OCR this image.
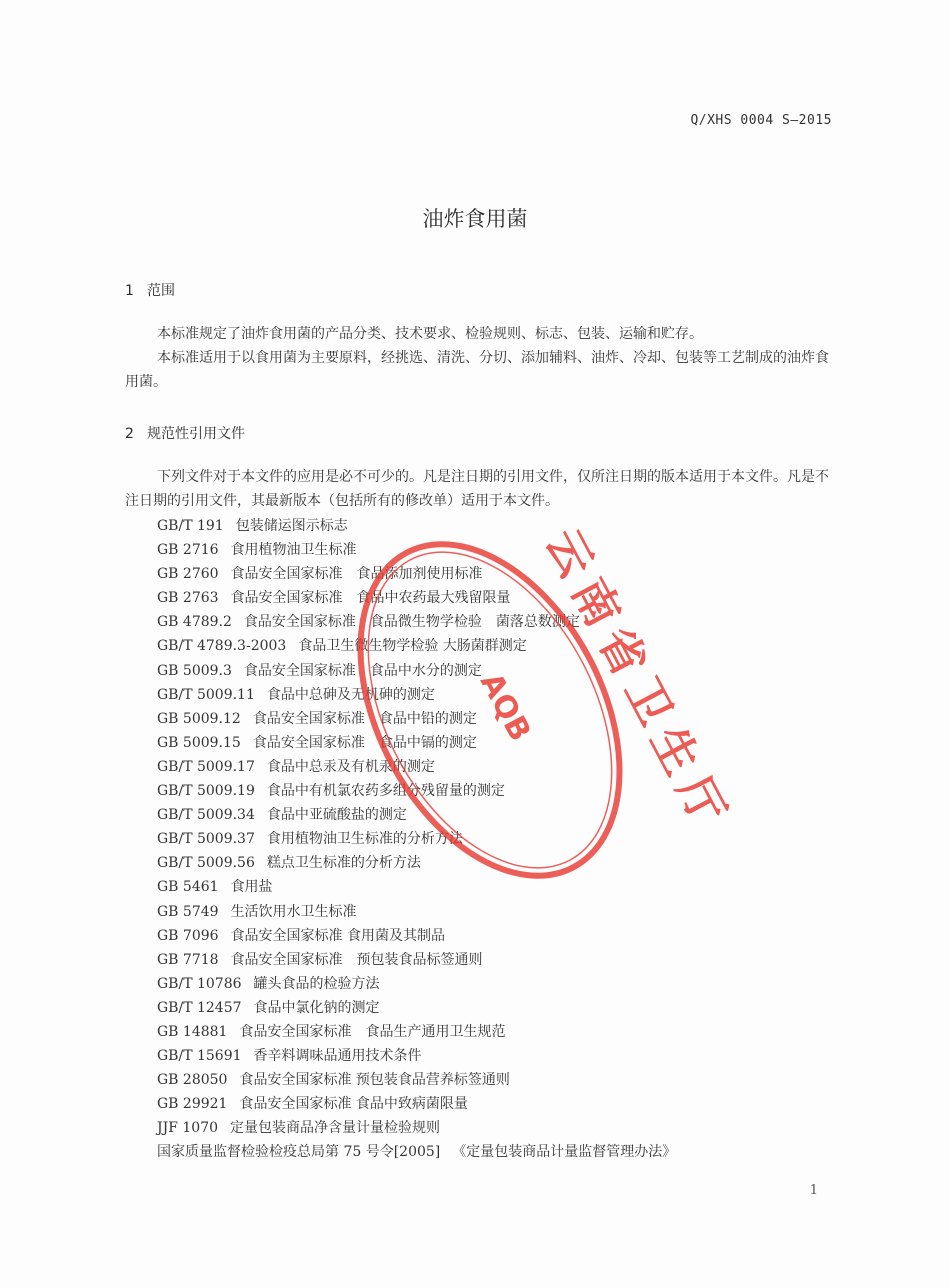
Q/XHS 0004 S—2015
油炸食用菌
1 范围
本标准规定了油炸食用菌的产品分类、技术要求、检验规则、标志、包装、运输和贮存。
本标准适用于以食用菌为主要原料，经挑选、清洗、分切、添加辅料、油炸、冷却、包装等工艺制成的油炸食用菌。
2 规范性引用文件
下列文件对于本文件的应用是必不可少的。凡是注日期的引用文件，仅所注日期的版本适用于本文件。凡是不注日期的引用文件，其最新版本（包括所有的修改单）适用于本文件。
GB/T 191 包装储运图示标志
GB 2716 食用植物油卫生标准
GB 2760 食品安全国家标准　食品添加剂使用标准
GB 2763 食品安全国家标准　食品中农药最大残留限量
GB 4789.2 食品安全国家标准　食品微生物学检验　菌落总数测定
GB/T 4789.3-2003 食品卫生微生物学检验 大肠菌群测定
GB 5009.3 食品安全国家标准　食品中水分的测定
GB/T 5009.11 食品中总砷及无机砷的测定
GB 5009.12 食品安全国家标准　食品中铅的测定
GB 5009.15 食品安全国家标准　食品中镉的测定
GB/T 5009.17 食品中总汞及有机汞的测定
GB/T 5009.19 食品中有机氯农药多组分残留量的测定
GB/T 5009.34 食品中亚硫酸盐的测定
GB/T 5009.37 食用植物油卫生标准的分析方法
GB/T 5009.56 糕点卫生标准的分析方法
GB 5461 食用盐
GB 5749 生活饮用水卫生标准
GB 7096 食品安全国家标准 食用菌及其制品
GB 7718 食品安全国家标准　预包装食品标签通则
GB/T 10786 罐头食品的检验方法
GB/T 12457 食品中氯化钠的测定
GB 14881 食品安全国家标准　食品生产通用卫生规范
GB/T 15691 香辛料调味品通用技术条件
GB 28050 食品安全国家标准 预包装食品营养标签通则
GB 29921 食品安全国家标准 食品中致病菌限量
JJF 1070 定量包装商品净含量计量检验规则
国家质量监督检验检疫总局第 75 号令[2005] 《定量包装商品计量监督管理办法》
云南省卫生厅
AQB
1
